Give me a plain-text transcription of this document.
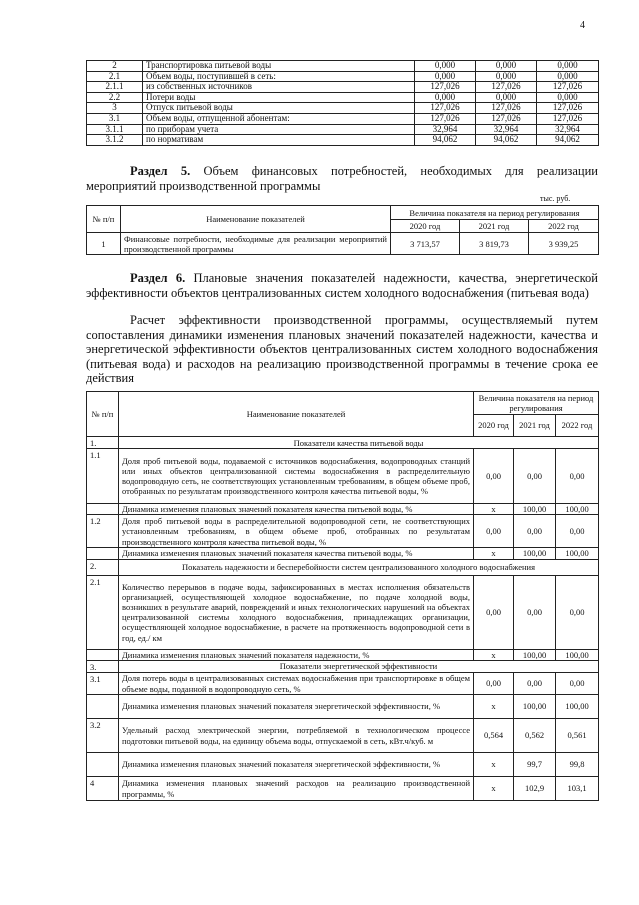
4
2	Транспортировка питьевой воды	0,000	0,000	0,000
2.1	Объем воды, поступившей в сеть:	0,000	0,000	0,000
2.1.1	из собственных источников	127,026	127,026	127,026
2.2	Потери воды	0,000	0,000	0,000
3	Отпуск питьевой воды	127,026	127,026	127,026
3.1	Объем воды, отпущенной абонентам:	127,026	127,026	127,026
3.1.1	по приборам учета	32,964	32,964	32,964
3.1.2	по нормативам	94,062	94,062	94,062
Раздел 5. Объем финансовых потребностей, необходимых для реализации мероприятий производственной программы
тыс. руб.
№ п/п	Наименование показателей	Величина показателя на период регулирования		
		2020 год	2021 год	2022 год
1	Финансовые потребности, необходимые для реализации мероприятий производственной программы	3 713,57	3 819,73	3 939,25
Раздел 6. Плановые значения показателей надежности, качества, энергетической эффективности объектов централизованных систем холодного водоснабжения (питьевая вода)
Расчет эффективности производственной программы, осуществляемый путем сопоставления динамики изменения плановых значений показателей надежности, качества и энергетической эффективности объектов централизованных систем холодного водоснабжения (питьевая вода) и расходов на реализацию производственной программы в течение срока ее действия
№ п/п	Наименование показателей	Величина показателя на период регулирования		
		2020 год	2021 год	2022 год
1.	Показатели качества питьевой воды			
1.1	Доля проб питьевой воды, подаваемой с источников водоснабжения, водопроводных станций или иных объектов централизованной системы водоснабжения в распределительную водопроводную сеть, не соответствующих установленным требованиям, в общем объеме проб, отобранных по результатам производственного контроля качества питьевой воды, %	0,00	0,00	0,00
	Динамика изменения плановых значений показателя качества питьевой воды, %	x	100,00	100,00
1.2	Доля проб питьевой воды в распределительной водопроводной сети, не соответствующих установленным требованиям, в общем объеме проб, отобранных по результатам производственного контроля качества питьевой воды, %	0,00	0,00	0,00
	Динамика изменения плановых значений показателя качества питьевой воды, %	x	100,00	100,00
2.	Показатель надежности и бесперебойности систем централизованного холодного водоснабжения			
2.1	Количество перерывов в подаче воды, зафиксированных в местах исполнения обязательств организацией, осуществляющей холодное водоснабжение, по подаче холодной воды, возникших в результате аварий, повреждений и иных технологических нарушений на объектах централизованной системы холодного водоснабжения, принадлежащих организации, осуществляющей холодное водоснабжение, в расчете на протяженность водопроводной сети в год, ед./ км	0,00	0,00	0,00
	Динамика изменения плановых значений показателя надежности, %	x	100,00	100,00
3.	Показатели энергетической эффективности			
3.1	Доля потерь воды в централизованных системах водоснабжения при транспортировке в общем объеме воды, поданной в водопроводную сеть, %	0,00	0,00	0,00
	Динамика изменения плановых значений показателя энергетической эффективности, %	x	100,00	100,00
3.2	Удельный расход электрической энергии, потребляемой в технологическом процессе подготовки питьевой воды, на единицу объема воды, отпускаемой в сеть, кВт.ч/куб. м	0,564	0,562	0,561
	Динамика изменения плановых значений показателя энергетической эффективности, %	x	99,7	99,8
4	Динамика изменения плановых значений расходов на реализацию производственной программы, %	x	102,9	103,1
